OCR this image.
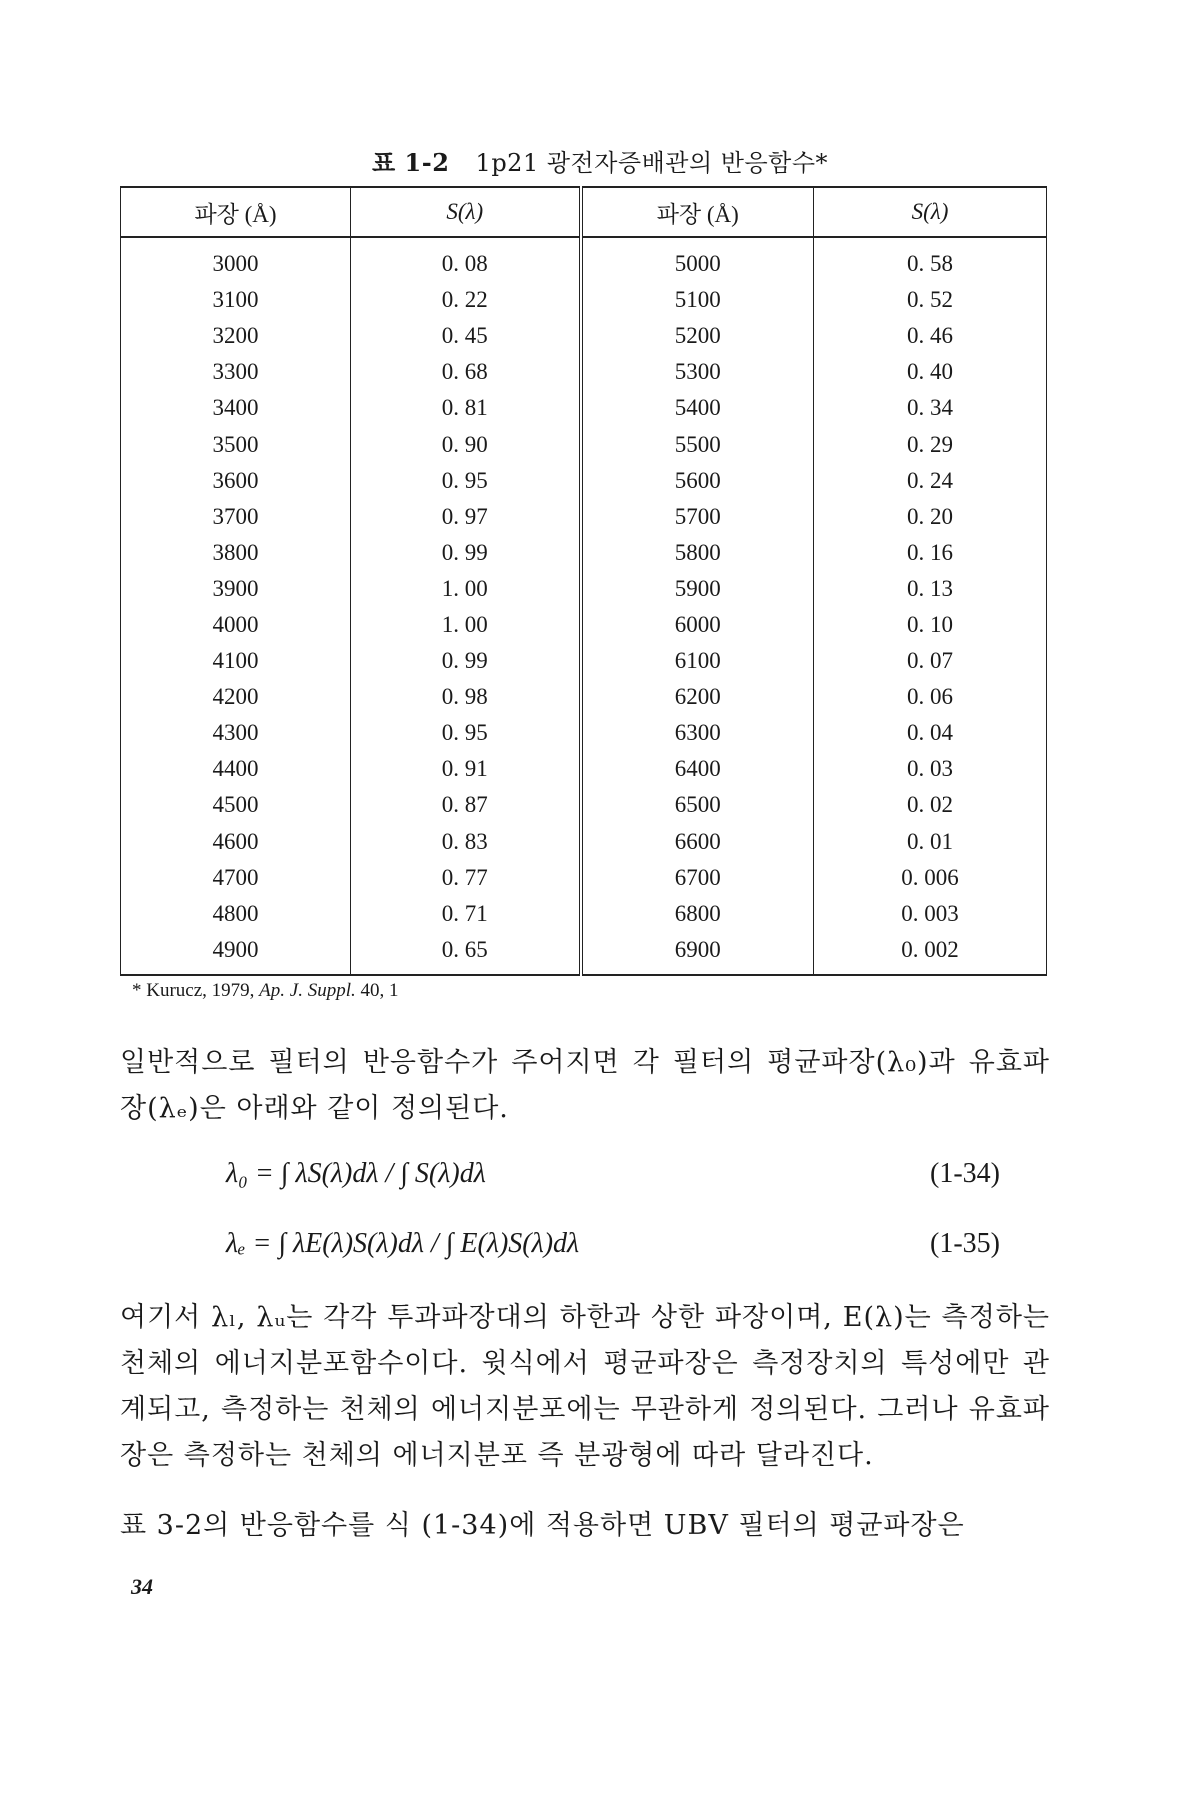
표 1-2 1p21 광전자증배관의 반응함수*
파장 (Å)	S(λ)	파장 (Å)	S(λ)
3000	0. 08	5000	0. 58
3100	0. 22	5100	0. 52
3200	0. 45	5200	0. 46
3300	0. 68	5300	0. 40
3400	0. 81	5400	0. 34
3500	0. 90	5500	0. 29
3600	0. 95	5600	0. 24
3700	0. 97	5700	0. 20
3800	0. 99	5800	0. 16
3900	1. 00	5900	0. 13
4000	1. 00	6000	0. 10
4100	0. 99	6100	0. 07
4200	0. 98	6200	0. 06
4300	0. 95	6300	0. 04
4400	0. 91	6400	0. 03
4500	0. 87	6500	0. 02
4600	0. 83	6600	0. 01
4700	0. 77	6700	0. 006
4800	0. 71	6800	0. 003
4900	0. 65	6900	0. 002
* Kurucz, 1979, Ap. J. Suppl. 40, 1
일반적으로 필터의 반응함수가 주어지면 각 필터의 평균파장(λ₀)과 유효파장(λₑ)은 아래와 같이 정의된다.
λ₀ = ∫ λS(λ)dλ / ∫ S(λ)dλ	(1-34)
λₑ = ∫ λE(λ)S(λ)dλ / ∫ E(λ)S(λ)dλ	(1-35)
여기서 λₗ, λᵤ는 각각 투과파장대의 하한과 상한 파장이며, E(λ)는 측정하는 천체의 에너지분포함수이다. 윗식에서 평균파장은 측정장치의 특성에만 관계되고, 측정하는 천체의 에너지분포에는 무관하게 정의된다. 그러나 유효파장은 측정하는 천체의 에너지분포 즉 분광형에 따라 달라진다.
표 3-2의 반응함수를 식 (1-34)에 적용하면 UBV 필터의 평균파장은
34
